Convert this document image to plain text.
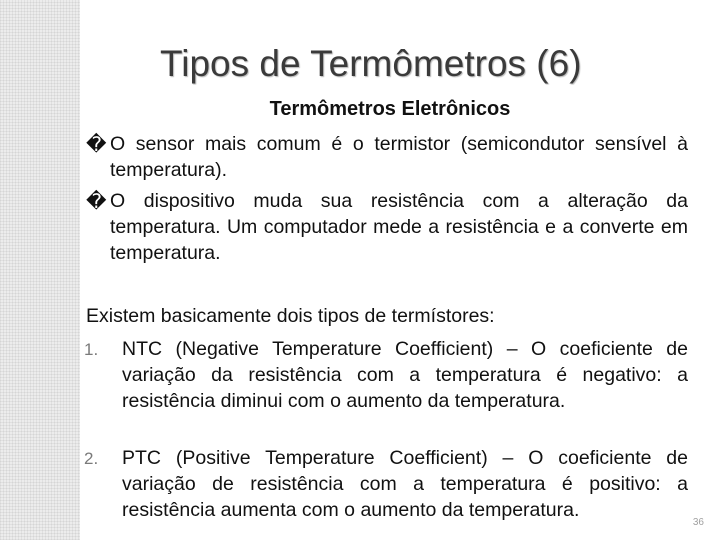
Tipos de Termômetros (6)
Termômetros Eletrônicos
� O sensor mais comum é o termistor (semicondutor sensível à temperatura).
� O dispositivo muda sua resistência com a alteração da temperatura. Um computador mede a resistência e a converte em temperatura.
Existem basicamente dois tipos de termístores:
1. NTC (Negative Temperature Coefficient) – O coeficiente de variação da resistência com a temperatura é negativo: a resistência diminui com o aumento da temperatura.
2. PTC (Positive Temperature Coefficient) – O coeficiente de variação de resistência com a temperatura é positivo: a resistência aumenta com o aumento da temperatura.
36
